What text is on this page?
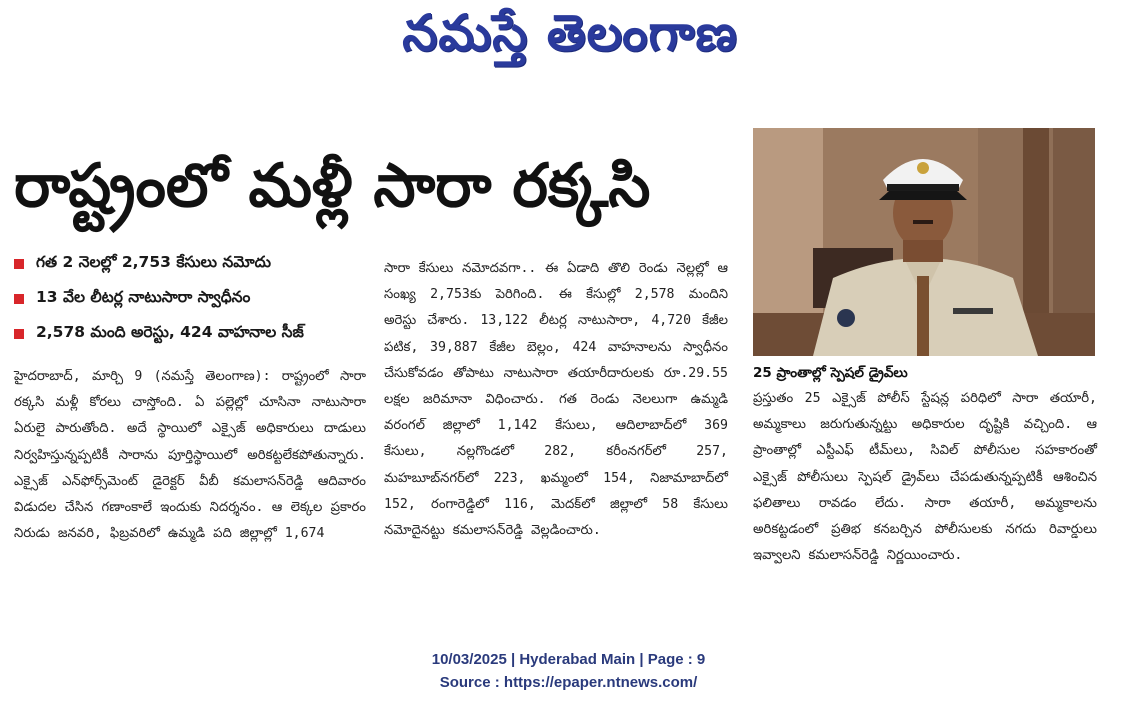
నమస్తే తెలంగాణ
రాష్ట్రంలో మళ్లీ సారా రక్కసి
గత 2 నెలల్లో 2,753 కేసులు నమోదు
13 వేల లీటర్ల నాటుసారా స్వాధీనం
2,578 మంది అరెస్టు, 424 వాహనాల సీజ్
హైదరాబాద్, మార్చి 9 (నమస్తే తెలంగాణ): రాష్ట్రంలో సారా రక్కసి మళ్లీ కోరలు చాస్తోంది. ఏ పల్లెల్లో చూసినా నాటుసారా ఏరులై పారుతోంది. అదే స్థాయిలో ఎక్సైజ్ అధికారులు దాడులు నిర్వహిస్తున్నప్పటికీ సారాను పూర్తిస్థాయిలో అరికట్టలేకపోతున్నారు. ఎక్సైజ్ ఎన్‌ఫోర్స్‌మెంట్ డైరెక్టర్ వీబీ కమలాసన్‌రెడ్డి ఆదివారం విడుదల చేసిన గణాంకాలే ఇందుకు నిదర్శనం. ఆ లెక్కల ప్రకారం నిరుడు జనవరి, ఫిబ్రవరిలో ఉమ్మడి పది జిల్లాల్లో 1,674
సారా కేసులు నమోదవగా.. ఈ ఏడాది తొలి రెండు నెల్లల్లో ఆ సంఖ్య 2,753కు పెరిగింది. ఈ కేసుల్లో 2,578 మందిని అరెస్టు చేశారు. 13,122 లీటర్ల నాటుసారా, 4,720 కేజీల పటిక, 39,887 కేజీల బెల్లం, 424 వాహనాలను స్వాధీనం చేసుకోవడం తోపాటు నాటుసారా తయారీదారులకు రూ.29.55 లక్షల జరిమానా విధించారు. గత రెండు నెలలుగా ఉమ్మడి వరంగల్ జిల్లాలో 1,142 కేసులు, ఆదిలాబాద్‌లో 369 కేసులు, నల్లగొండలో 282, కరీంనగర్‌లో 257, మహబూబ్‌నగర్‌లో 223, ఖమ్మంలో 154, నిజామాబాద్‌లో 152, రంగారెడ్డిలో 116, మెదక్‌లో జిల్లాలో 58 కేసులు నమోదైనట్టు కమలాసన్‌రెడ్డి వెల్లడించారు.
25 ప్రాంతాల్లో స్పెషల్ డ్రైవ్‌లు
ప్రస్తుతం 25 ఎక్సైజ్ పోలీస్ స్టేషన్ల పరిధిలో సారా తయారీ, అమ్మకాలు జరుగుతున్నట్టు అధికారుల దృష్టికి వచ్చింది. ఆ ప్రాంతాల్లో ఎస్టీఎఫ్ టీమ్‌లు, సివిల్ పోలీసుల సహకారంతో ఎక్సైజ్ పోలీసులు స్పెషల్ డ్రైవ్‌లు చేపడుతున్నప్పటికీ ఆశించిన ఫలితాలు రావడం లేదు. సారా తయారీ, అమ్మకాలను అరికట్టడంలో ప్రతిభ కనబర్చిన పోలీసులకు నగదు రివార్డులు ఇవ్వాలని కమలాసన్‌రెడ్డి నిర్ణయించారు.
10/03/2025 | Hyderabad Main | Page : 9
Source : https://epaper.ntnews.com/
